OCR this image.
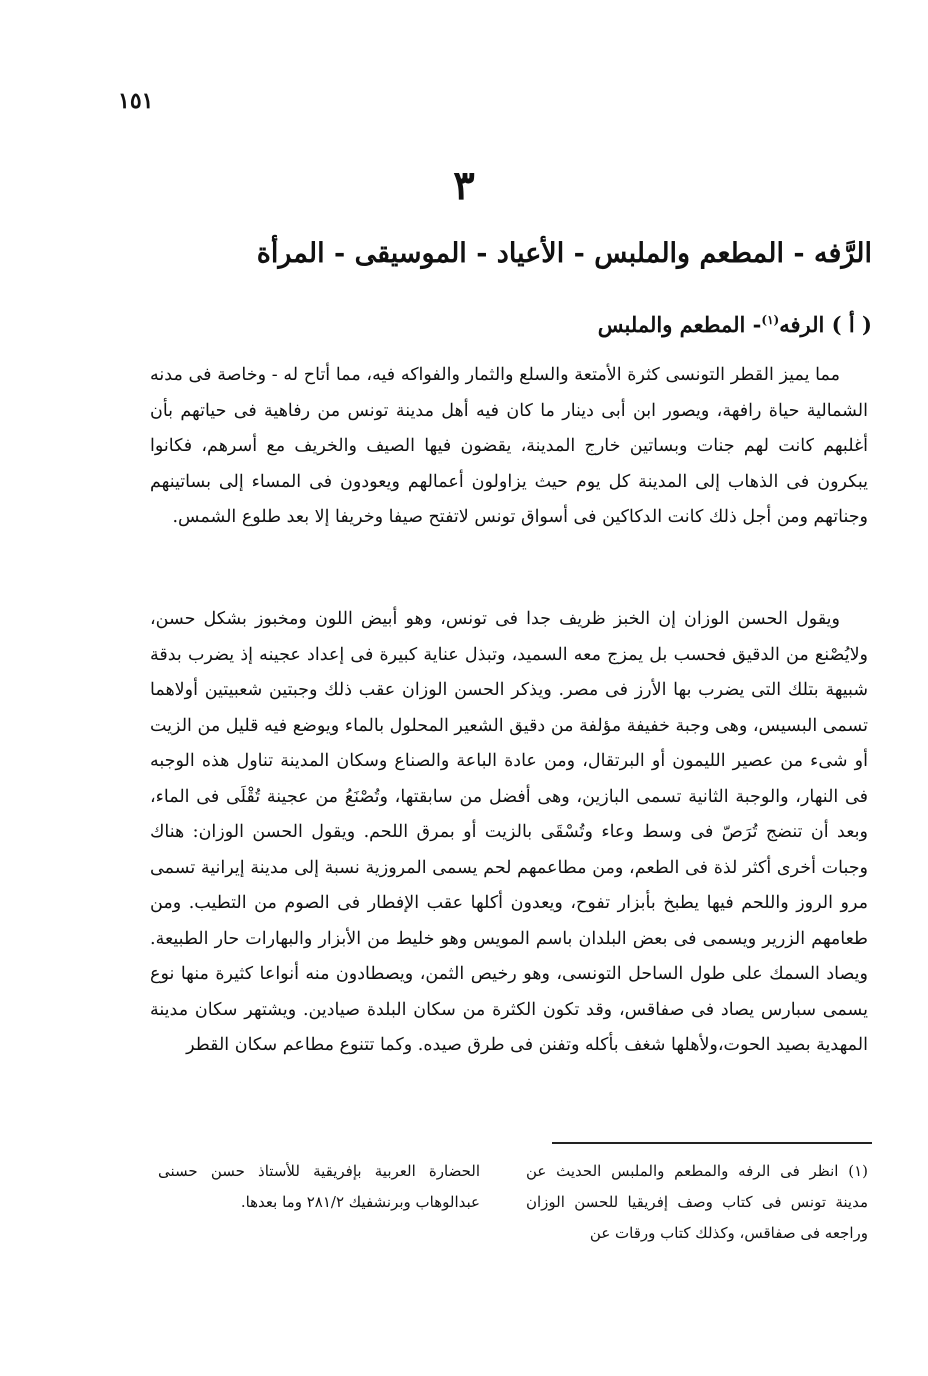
١٥١
٣
الرَّفه - المطعم والملبس - الأعياد - الموسيقى - المرأة
( أ ) الرفه$^{(١)}$- المطعم والملبس

مما يميز القطر التونسى كثرة الأمتعة والسلع والثمار والفواكه فيه، مما أتاح له - وخاصة فى مدنه الشمالية حياة رافهة، ويصور ابن أبى دينار ما كان فيه أهل مدينة تونس من رفاهية فى حياتهم بأن أغلبهم كانت لهم جنات وبساتين خارج المدينة، يقضون فيها الصيف والخريف مع أسرهم، فكانوا يبكرون فى الذهاب إلى المدينة كل يوم حيث يزاولون أعمالهم ويعودون فى المساء إلى بساتينهم وجناتهم ومن أجل ذلك كانت الدكاكين فى أسواق تونس لاتفتح صيفا وخريفا إلا بعد طلوع الشمس.

ويقول الحسن الوزان إن الخبز ظريف جدا فى تونس، وهو أبيض اللون ومخبوز بشكل حسن، ولايُصْنع من الدقيق فحسب بل يمزج معه السميد، وتبذل عناية كبيرة فى إعداد عجينه إذ يضرب بدقة شبيهة بتلك التى يضرب بها الأرز فى مصر. ويذكر الحسن الوزان عقب ذلك وجبتين شعبيتين أولاهما تسمى البسيس، وهى وجبة خفيفة مؤلفة من دقيق الشعير المحلول بالماء ويوضع فيه قليل من الزيت أو شىء من عصير الليمون أو البرتقال، ومن عادة الباعة والصناع وسكان المدينة تناول هذه الوجبه فى النهار، والوجبة الثانية تسمى البازين، وهى أفضل من سابقتها، وتُصْنَعُ من عجينة تُقْلَى فى الماء، وبعد أن تنضج تُرَصّ فى وسط وعاء وتُسْقَى بالزيت أو بمرق اللحم. ويقول الحسن الوزان: هناك وجبات أخرى أكثر لذة فى الطعم، ومن مطاعمهم لحم يسمى المروزية نسبة إلى مدينة إيرانية تسمى مرو الروز واللحم فيها يطبخ بأبزار تفوح، ويعدون أكلها عقب الإفطار فى الصوم من التطيب. ومن طعامهم الزرير ويسمى فى بعض البلدان باسم المويس وهو خليط من الأبزار والبهارات حار الطبيعة. ويصاد السمك على طول الساحل التونسى، وهو رخيص الثمن، ويصطادون منه أنواعا كثيرة منها نوع يسمى سبارس يصاد فى صفاقس، وقد تكون الكثرة من سكان البلدة صيادين. ويشتهر سكان مدينة المهدية بصيد الحوت،ولأهلها شغف بأكله وتفنن فى طرق صيده. وكما تتنوع مطاعم سكان القطر

(١) انظر فى الرفه والمطعم والملبس الحديث عن مدينة تونس فى كتاب وصف إفريقيا للحسن الوزان وراجعه فى صفاقس، وكذلك كتاب ورقات عن
الحضارة العربية بإفريقية للأستاذ حسن حسنى عبدالوهاب وبرنشفيك ٢٨١/٢ وما بعدها.
